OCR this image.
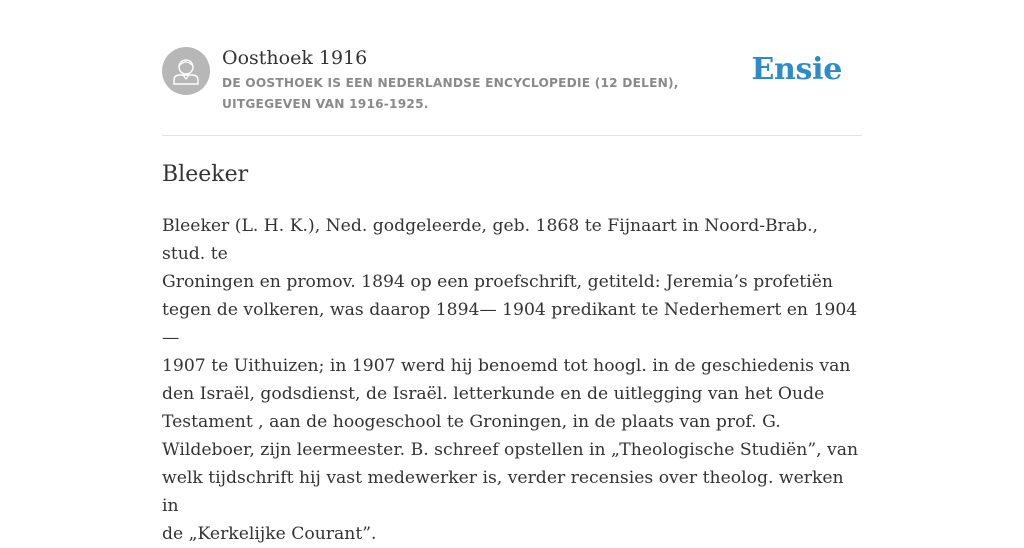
Oosthoek 1916
DE OOSTHOEK IS EEN NEDERLANDSE ENCYCLOPEDIE (12 DELEN), UITGEGEVEN VAN 1916-1925.
Ensie
Bleeker
Bleeker (L. H. K.), Ned. godgeleerde, geb. 1868 te Fijnaart in Noord-Brab., stud. te
Groningen en promov. 1894 op een proefschrift, getiteld: Jeremia’s profetiën
tegen de volkeren, was daarop 1894— 1904 predikant te Nederhemert en 1904—
1907 te Uithuizen; in 1907 werd hij benoemd tot hoogl. in de geschiedenis van
den Israël, godsdienst, de Israël. letterkunde en de uitlegging van het Oude
Testament , aan de hoogeschool te Groningen, in de plaats van prof. G.
Wildeboer, zijn leermeester. B. schreef opstellen in „Theologische Studiën”, van
welk tijdschrift hij vast medewerker is, verder recensies over theolog. werken in
de „Kerkelijke Courant”.
